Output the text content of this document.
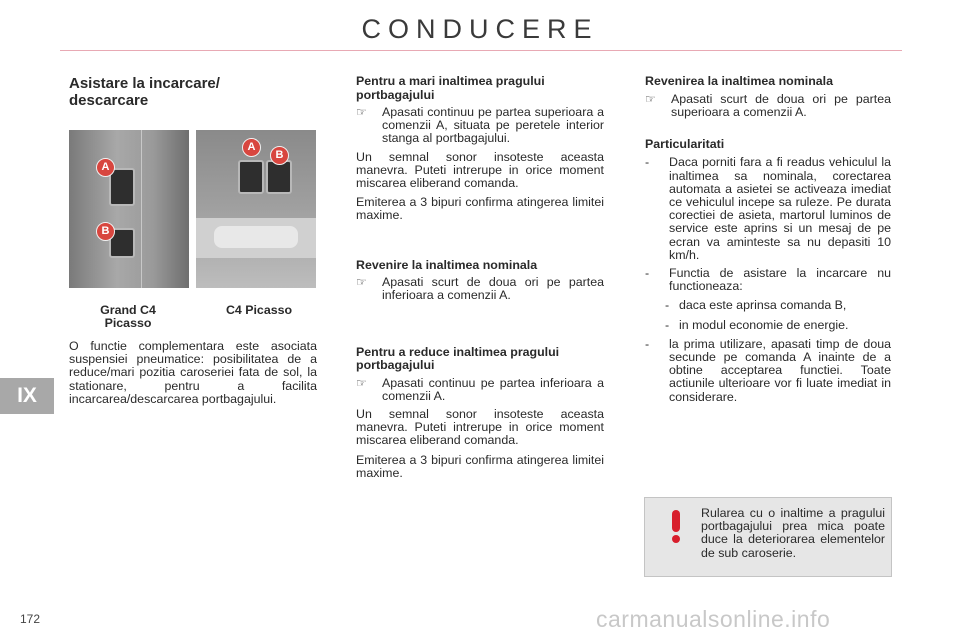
CONDUCERE
IX
172	carmanualsonline.info
Asistare la incarcare/ descarcare
A
B
A
B
Grand C4 Picasso
C4 Picasso

O functie complementara este asociata suspensiei pneumatice: posibilitatea de a reduce/mari pozitia caroseriei fata de sol, la stationare, pentru a facilita incarcarea/descarcarea portbagajului.

Pentru a mari inaltimea pragului portbagajului
☞	Apasati continuu pe partea superioara a comenzii A, situata pe peretele interior stanga al portbagajului.

Un semnal sonor insoteste aceasta manevra. Puteti intrerupe in orice moment miscarea eliberand comanda.

Emiterea a 3 bipuri confirma atingerea limitei maxime.

Revenire la inaltimea nominala
☞	Apasati scurt de doua ori pe partea inferioara a comenzii A.
Pentru a reduce inaltimea pragului portbagajului
☞	Apasati continuu pe partea inferioara a comenzii A.

Un semnal sonor insoteste aceasta manevra. Puteti intrerupe in orice moment miscarea eliberand comanda.

Emiterea a 3 bipuri confirma atingerea limitei maxime.

Revenirea la inaltimea nominala
☞	Apasati scurt de doua ori pe partea superioara a comenzii A.
Particularitati
-	Daca porniti fara a fi readus vehiculul la inaltimea sa nominala, corectarea automata a asietei se activeaza imediat ce vehiculul incepe sa ruleze. Pe durata corectiei de asieta, martorul luminos de service este aprins si un mesaj de pe ecran va aminteste sa nu depasiti 10 km/h.
-	Functia de asistare la incarcare nu functioneaza:
- daca este aprinsa comanda B,
- in modul economie de energie.
-	la prima utilizare, apasati timp de doua secunde pe comanda A inainte de a obtine acceptarea functiei. Toate actiunile ulterioare vor fi luate imediat in considerare.
Rularea cu o inaltime a pragului portbagajului prea mica poate duce la deteriorarea elementelor de sub caroserie.
